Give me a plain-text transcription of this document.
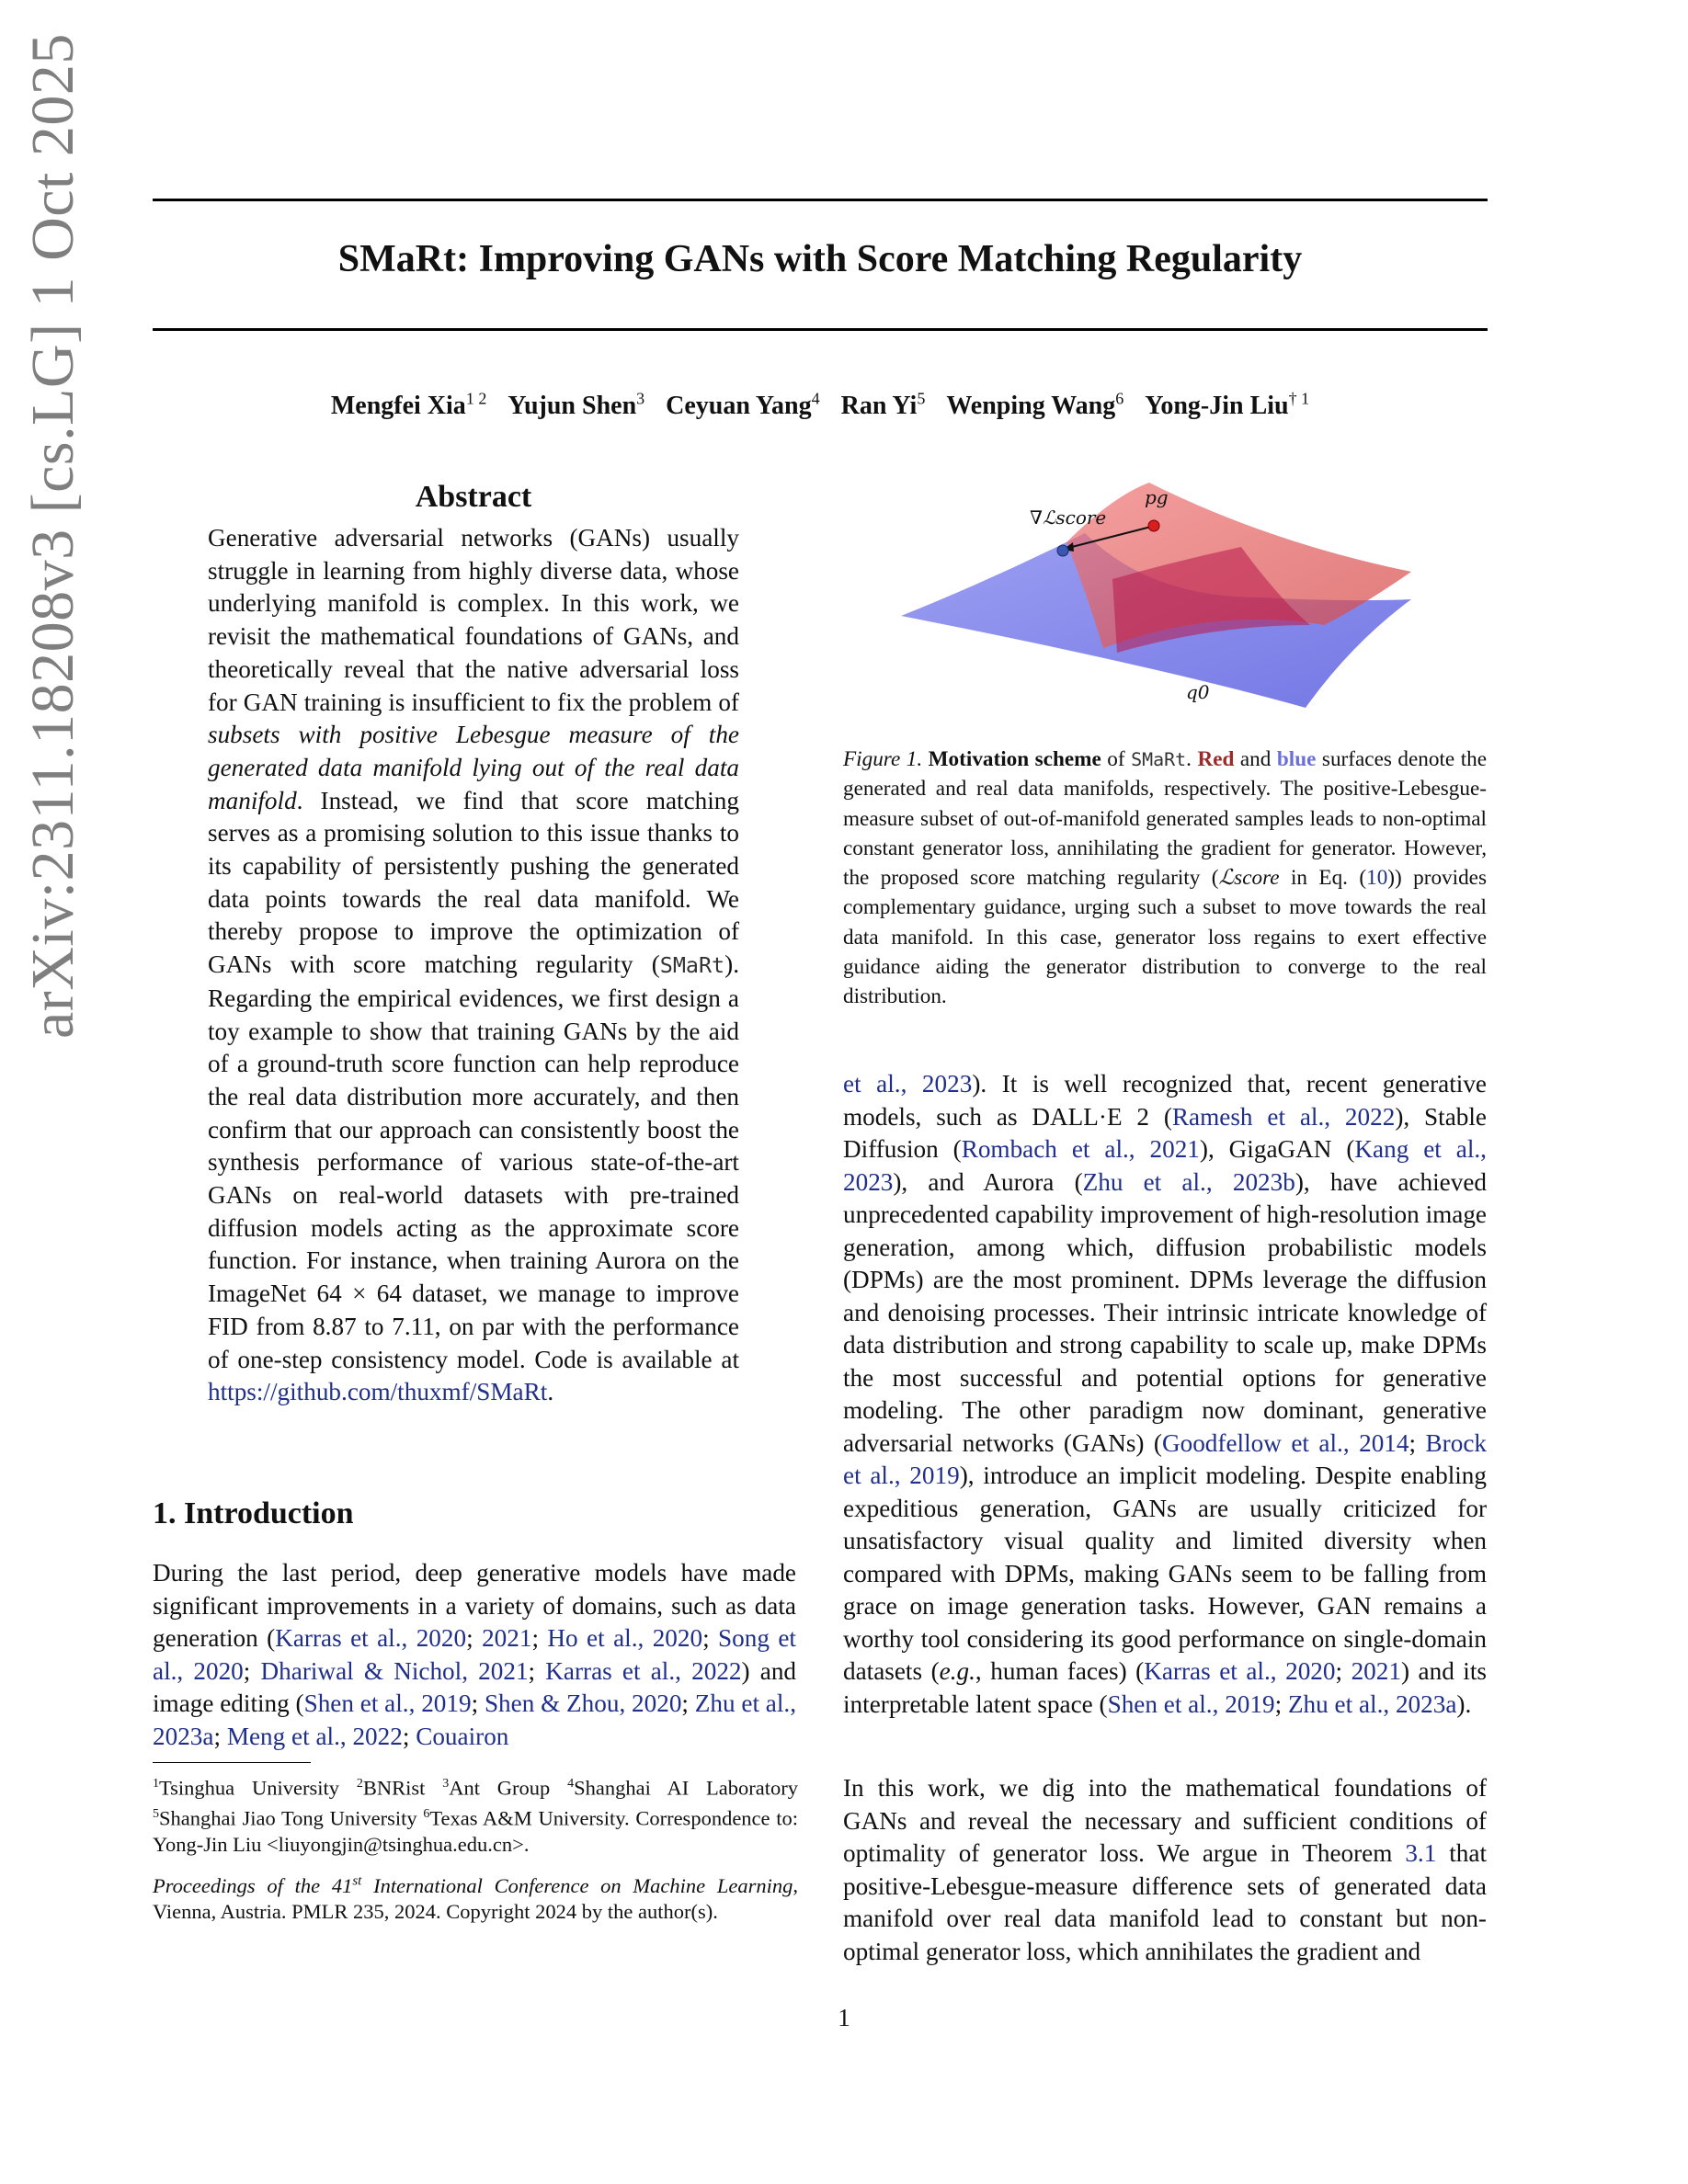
arXiv:2311.18208v3 [cs.LG] 1 Oct 2025	SMaRt: Improving GANs with Score Matching Regularity
Mengfei Xia$^{1 2}$ Yujun Shen$^3$ Ceyuan Yang$^4$ Ran Yi$^5$ Wenping Wang$^6$ Yong-Jin Liu$^{\dagger 1}$
Abstract

Generative adversarial networks (GANs) usually struggle in learning from highly diverse data, whose underlying manifold is complex. In this work, we revisit the mathematical foundations of GANs, and theoretically reveal that the native adversarial loss for GAN training is insufficient to fix the problem of subsets with positive Lebesgue measure of the generated data manifold lying out of the real data manifold. Instead, we find that score matching serves as a promising solution to this issue thanks to its capability of persistently pushing the generated data points towards the real data manifold. We thereby propose to improve the optimization of GANs with score matching regularity (SMaRt). Regarding the empirical evidences, we first design a toy example to show that training GANs by the aid of a ground-truth score function can help reproduce the real data distribution more accurately, and then confirm that our approach can consistently boost the synthesis performance of various state-of-the-art GANs on real-world datasets with pre-trained diffusion models acting as the approximate score function. For instance, when training Aurora on the ImageNet 64 × 64 dataset, we manage to improve FID from 8.87 to 7.11, on par with the performance of one-step consistency model. Code is available at https://github.com/thuxmf/SMaRt.

1. Introduction

During the last period, deep generative models have made significant improvements in a variety of domains, such as data generation (Karras et al., 2020; 2021; Ho et al., 2020; Song et al., 2020; Dhariwal & Nichol, 2021; Karras et al., 2022) and image editing (Shen et al., 2019; Shen & Zhou, 2020; Zhu et al., 2023a; Meng et al., 2022; Couairon

$^1$Tsinghua University $^2$BNRist $^3$Ant Group $^4$Shanghai AI Laboratory $^5$Shanghai Jiao Tong University $^6$Texas A&M University. Correspondence to: Yong-Jin Liu <liuyongjin@tsinghua.edu.cn>.

Proceedings of the 41st International Conference on Machine Learning, Vienna, Austria. PMLR 235, 2024. Copyright 2024 by the author(s).

∇ℒscore
pg
q0

Figure 1. Motivation scheme of SMaRt. Red and blue surfaces denote the generated and real data manifolds, respectively. The positive-Lebesgue-measure subset of out-of-manifold generated samples leads to non-optimal constant generator loss, annihilating the gradient for generator. However, the proposed score matching regularity (ℒscore in Eq. (10)) provides complementary guidance, urging such a subset to move towards the real data manifold. In this case, generator loss regains to exert effective guidance aiding the generator distribution to converge to the real distribution.

et al., 2023). It is well recognized that, recent generative models, such as DALL·E 2 (Ramesh et al., 2022), Stable Diffusion (Rombach et al., 2021), GigaGAN (Kang et al., 2023), and Aurora (Zhu et al., 2023b), have achieved unprecedented capability improvement of high-resolution image generation, among which, diffusion probabilistic models (DPMs) are the most prominent. DPMs leverage the diffusion and denoising processes. Their intrinsic intricate knowledge of data distribution and strong capability to scale up, make DPMs the most successful and potential options for generative modeling. The other paradigm now dominant, generative adversarial networks (GANs) (Goodfellow et al., 2014; Brock et al., 2019), introduce an implicit modeling. Despite enabling expeditious generation, GANs are usually criticized for unsatisfactory visual quality and limited diversity when compared with DPMs, making GANs seem to be falling from grace on image generation tasks. However, GAN remains a worthy tool considering its good performance on single-domain datasets (e.g., human faces) (Karras et al., 2020; 2021) and its interpretable latent space (Shen et al., 2019; Zhu et al., 2023a).

In this work, we dig into the mathematical foundations of GANs and reveal the necessary and sufficient conditions of optimality of generator loss. We argue in Theorem 3.1 that positive-Lebesgue-measure difference sets of generated data manifold over real data manifold lead to constant but non-optimal generator loss, which annihilates the gradient and

1
